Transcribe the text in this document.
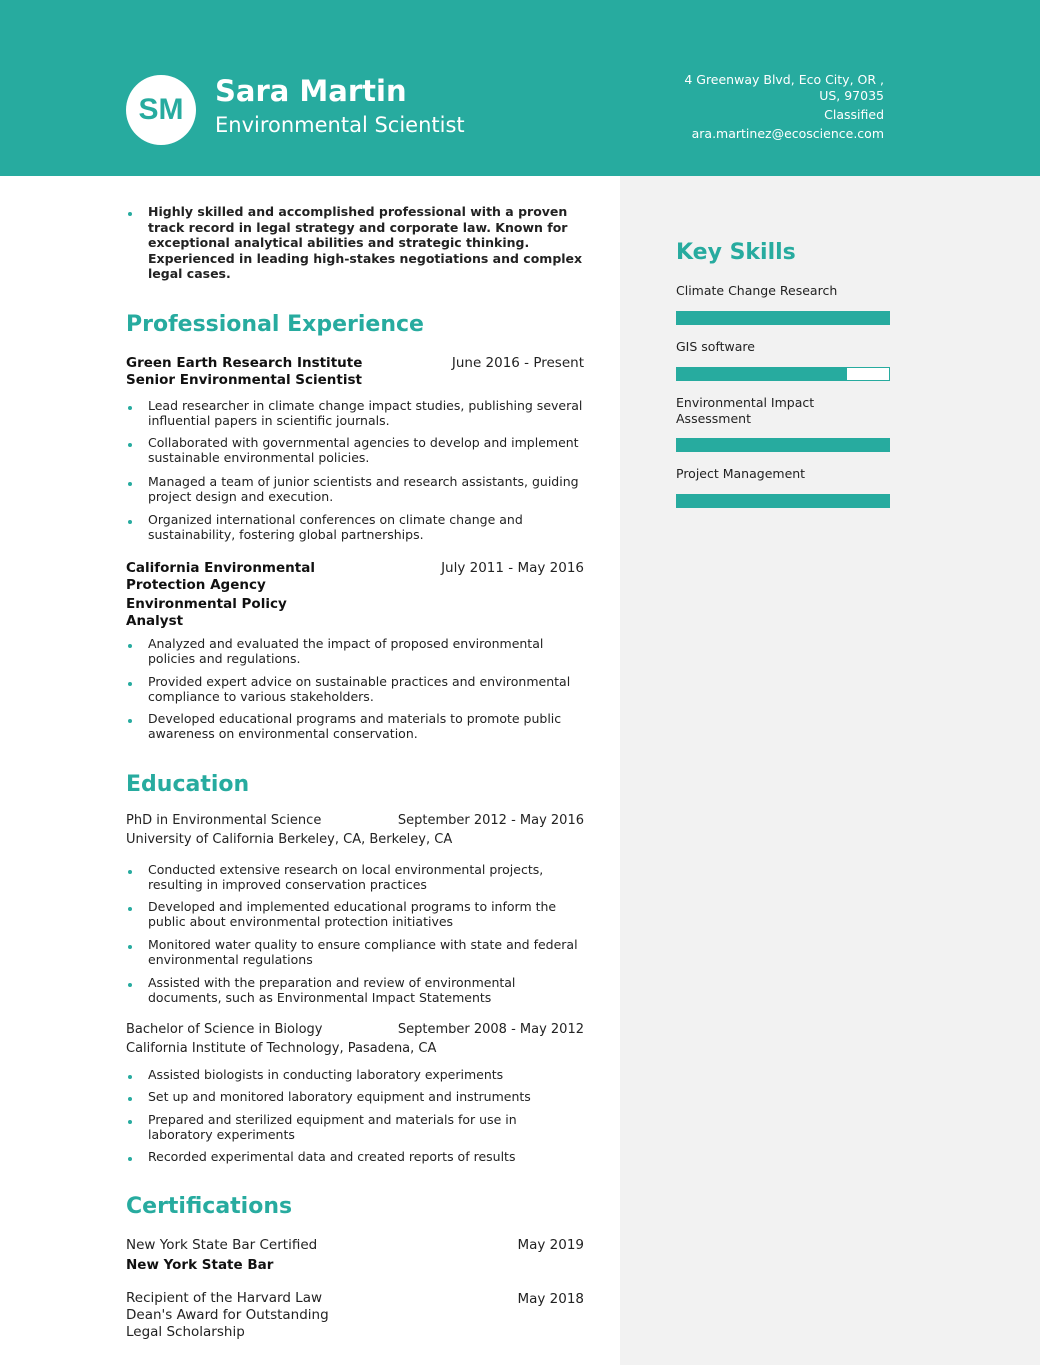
SM
Sara Martin
Environmental Scientist
4 Greenway Blvd, Eco City, OR ,
US, 97035
Classified
ara.martinez@ecoscience.com
Highly skilled and accomplished professional with a proven track record in legal strategy and corporate law. Known for exceptional analytical abilities and strategic thinking. Experienced in leading high-stakes negotiations and complex legal cases.
Professional Experience
Green Earth Research Institute
Senior Environmental Scientist
June 2016 - Present
Lead researcher in climate change impact studies, publishing several influential papers in scientific journals.
Collaborated with governmental agencies to develop and implement sustainable environmental policies.
Managed a team of junior scientists and research assistants, guiding project design and execution.
Organized international conferences on climate change and sustainability, fostering global partnerships.
California Environmental Protection Agency
Environmental Policy Analyst
July 2011 - May 2016
Analyzed and evaluated the impact of proposed environmental policies and regulations.
Provided expert advice on sustainable practices and environmental compliance to various stakeholders.
Developed educational programs and materials to promote public awareness on environmental conservation.
Education
PhD in Environmental Science	September 2012 - May 2016
University of California Berkeley, CA, Berkeley, CA
Conducted extensive research on local environmental projects, resulting in improved conservation practices
Developed and implemented educational programs to inform the public about environmental protection initiatives
Monitored water quality to ensure compliance with state and federal environmental regulations
Assisted with the preparation and review of environmental documents, such as Environmental Impact Statements
Bachelor of Science in Biology	September 2008 - May 2012
California Institute of Technology, Pasadena, CA
Assisted biologists in conducting laboratory experiments
Set up and monitored laboratory equipment and instruments
Prepared and sterilized equipment and materials for use in laboratory experiments
Recorded experimental data and created reports of results
Certifications
New York State Bar Certified	May 2019
New York State Bar
Recipient of the Harvard Law Dean's Award for Outstanding Legal Scholarship
May 2018
Key Skills
Climate Change Research
GIS software
Environmental Impact Assessment
Project Management
